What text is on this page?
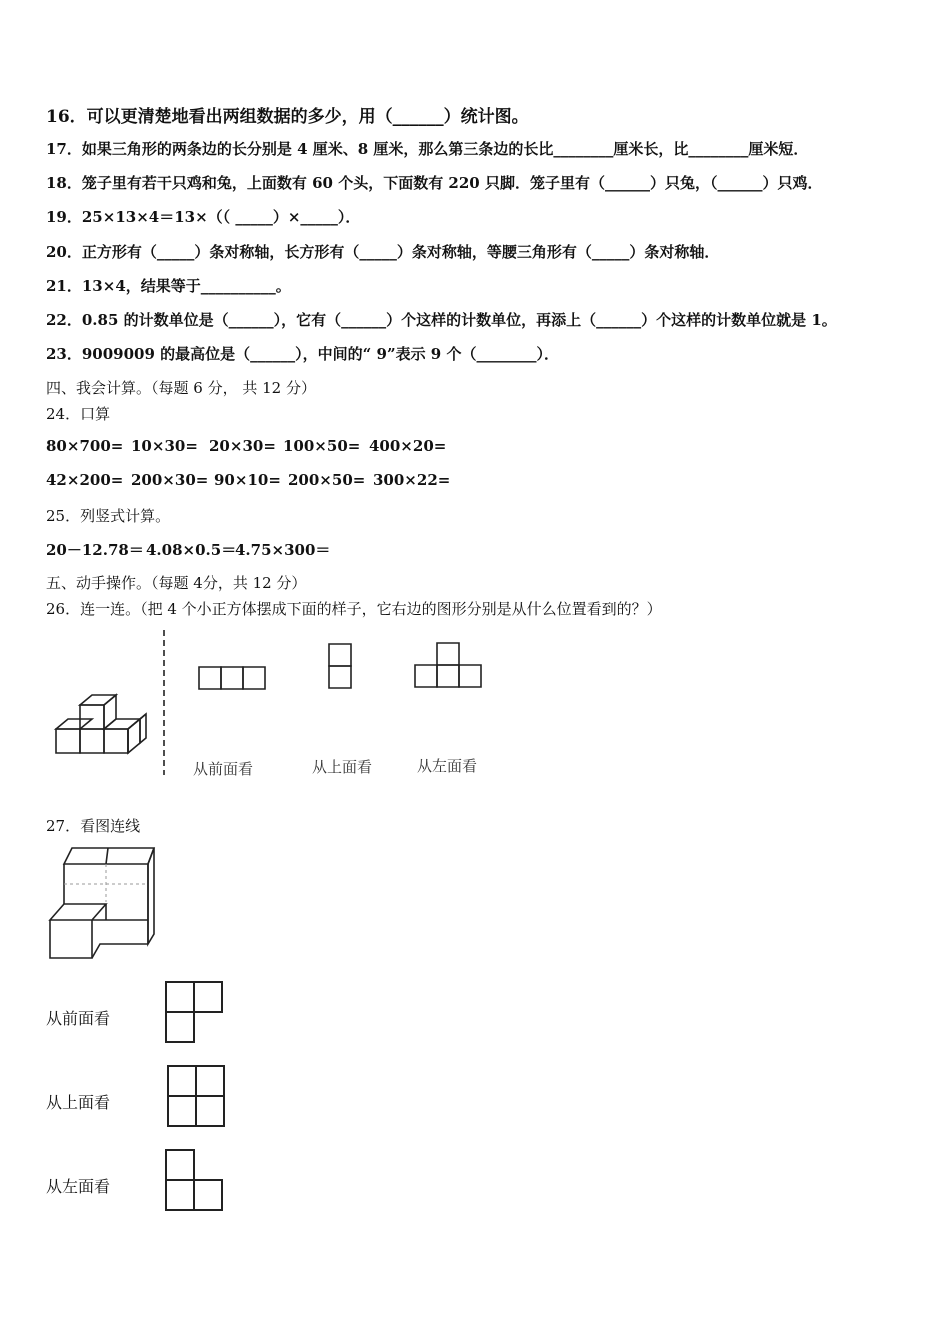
16．可以更清楚地看出两组数据的多少，用（______）统计图。
17．如果三角形的两条边的长分别是 4 厘米、8 厘米，那么第三条边的长比________厘米长，比________厘米短．
18．笼子里有若干只鸡和兔，上面数有 60 个头，下面数有 220 只脚．笼子里有（______）只兔，（______）只鸡．
19．25×13×4＝13×（（ _____）×_____）．
20．正方形有（_____）条对称轴，长方形有（_____）条对称轴，等腰三角形有（_____）条对称轴．
21．13×4，结果等于__________。
22．0.85 的计数单位是（______），它有（______）个这样的计数单位，再添上（______）个这样的计数单位就是 1。
23．9009009 的最高位是（______），中间的“ 9”表示 9 个（________）．
四、我会计算。（每题 6 分， 共 12 分）
24．口算
80×700= 10×30= 20×30= 100×50= 400×20=
42×200= 200×30= 90×10= 200×50= 300×22=
25．列竖式计算。
20－12.78＝ 4.08×0.5＝
4.75×300＝
五、动手操作。（每题 4分，共 12 分）
26．连一连。（把 4 个小正方体摆成下面的样子，它右边的图形分别是从什么位置看到的？）
从前面看	从上面看	从左面看
27．看图连线
从前面看
从上面看
从左面看
